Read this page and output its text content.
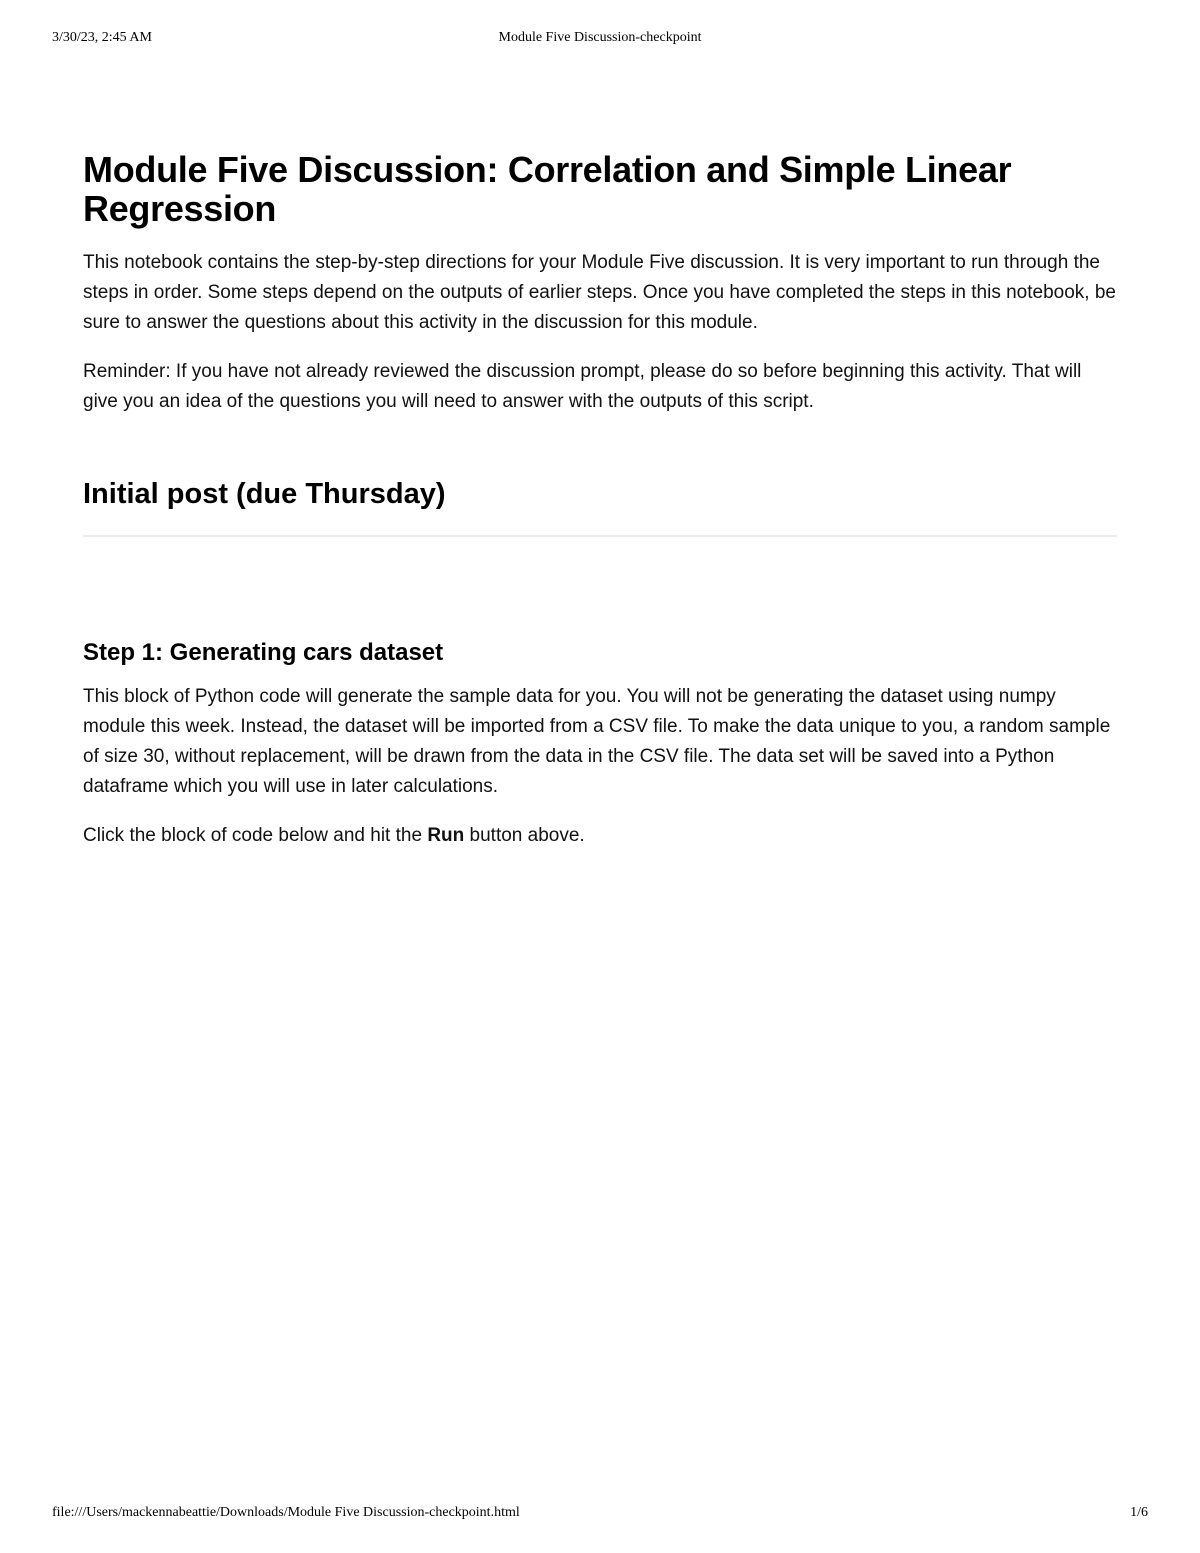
3/30/23, 2:45 AM	Module Five Discussion-checkpoint
Module Five Discussion: Correlation and Simple Linear Regression

This notebook contains the step-by-step directions for your Module Five discussion. It is very important to run through the steps in order. Some steps depend on the outputs of earlier steps. Once you have completed the steps in this notebook, be sure to answer the questions about this activity in the discussion for this module.

Reminder: If you have not already reviewed the discussion prompt, please do so before beginning this activity. That will give you an idea of the questions you will need to answer with the outputs of this script.

Initial post (due Thursday)
Step 1: Generating cars dataset

This block of Python code will generate the sample data for you. You will not be generating the dataset using numpy module this week. Instead, the dataset will be imported from a CSV file. To make the data unique to you, a random sample of size 30, without replacement, will be drawn from the data in the CSV file. The data set will be saved into a Python dataframe which you will use in later calculations.

Click the block of code below and hit the Run button above.

file:///Users/mackennabeattie/Downloads/Module Five Discussion-checkpoint.html	1/6
